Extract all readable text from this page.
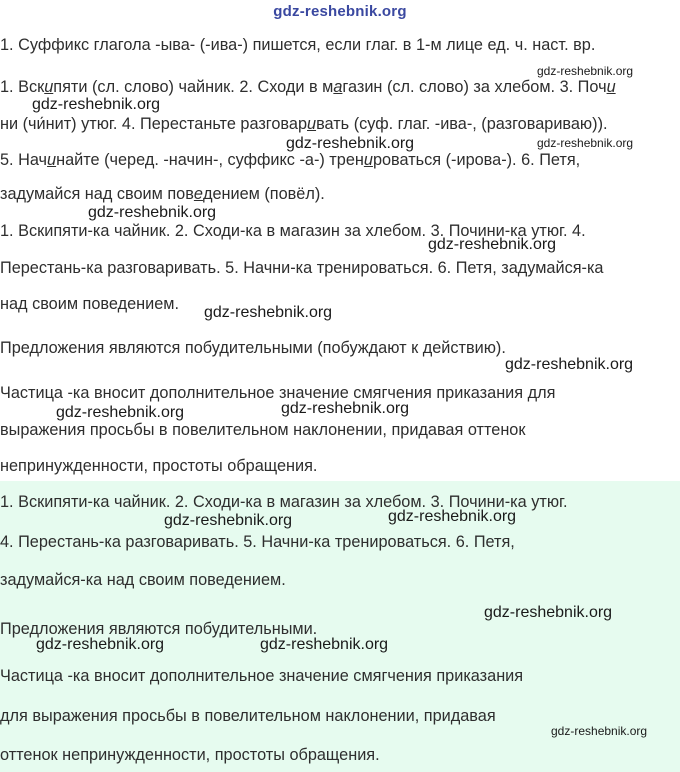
gdz-reshebnik.org
1. Суффикс глагола -ыва- (-ива-) пишется, если глаг. в 1-м лице ед. ч. наст. вр.
1. Вскипяти (сл. слово) чайник. 2. Сходи в магазин (сл. слово) за хлебом. 3. Почи
ни (чи́нит) утюг. 4. Перестаньте разговаривать (суф. глаг. -ива-, (разговариваю)).
5. Начинайте (черед. -начин-, суффикс -а-) тренироваться (-ирова-). 6. Петя,
задумайся над своим поведением (повёл).
1. Вскипяти-ка чайник. 2. Сходи-ка в магазин за хлебом. 3. Почини-ка утюг. 4.
Перестань-ка разговаривать. 5. Начни-ка тренироваться. 6. Петя, задумайся-ка
над своим поведением.
Предложения являются побудительными (побуждают к действию).
Частица -ка вносит дополнительное значение смягчения приказания для
выражения просьбы в повелительном наклонении, придавая оттенок
непринужденности, простоты обращения.
1. Вскипяти-ка чайник. 2. Сходи-ка в магазин за хлебом. 3. Почини-ка утюг.
4. Перестань-ка разговаривать. 5. Начни-ка тренироваться. 6. Петя,
задумайся-ка над своим поведением.
Предложения являются побудительными.
Частица -ка вносит дополнительное значение смягчения приказания
для выражения просьбы в повелительном наклонении, придавая
оттенок непринужденности, простоты обращения.
gdz-reshebnik.org
gdz-reshebnik.org
gdz-reshebnik.org
gdz-reshebnik.org
gdz-reshebnik.org
gdz-reshebnik.org
gdz-reshebnik.org
gdz-reshebnik.org
gdz-reshebnik.org	gdz-reshebnik.org
gdz-reshebnik.org	gdz-reshebnik.org
gdz-reshebnik.org
gdz-reshebnik.org	gdz-reshebnik.org
gdz-reshebnik.org
